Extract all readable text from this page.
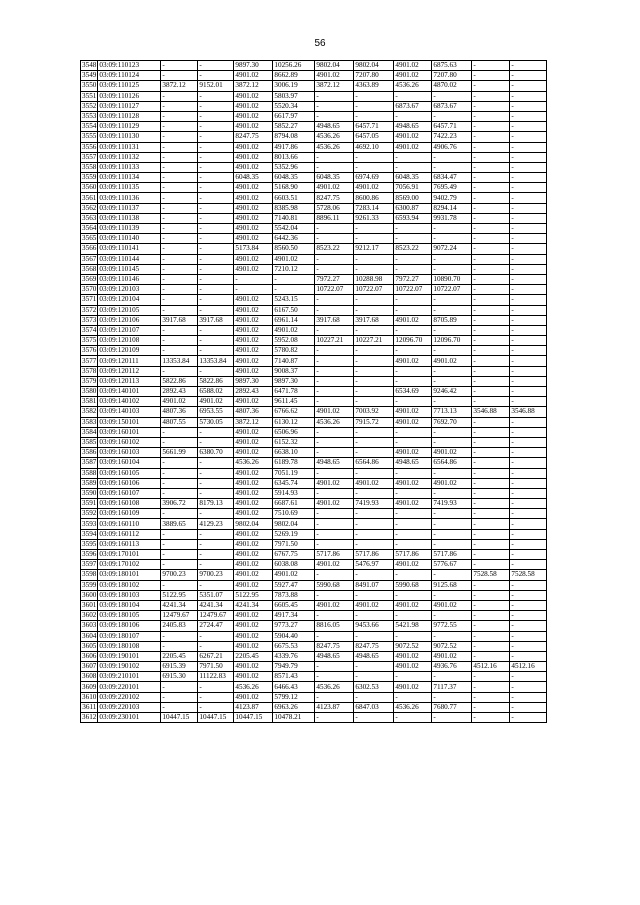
56
3548	03:09:110123	-	-	9897.30	10256.26	9802.04	9802.04	4901.02	6875.63	-	-
3549	03:09:110124	-	-	4901.02	8662.89	4901.02	7207.80	4901.02	7207.80	-	-
3550	03:09:110125	3872.12	9152.01	3872.12	3006.19	3872.12	4363.89	4536.26	4870.02	-	-
3551	03:09:110126	-	-	4901.02	5803.97	-	-	-	-	-	-
3552	03:09:110127	-	-	4901.02	5520.34	-	-	6873.67	6873.67	-	-
3553	03:09:110128	-	-	4901.02	6617.97	-	-	-	-	-	-
3554	03:09:110129	-	-	4901.02	5852.27	4948.65	6457.71	4948.65	6457.71	-	-
3555	03:09:110130	-	-	8247.75	8794.08	4536.26	6457.05	4901.02	7422.23	-	-
3556	03:09:110131	-	-	4901.02	4917.86	4536.26	4692.10	4901.02	4906.76	-	-
3557	03:09:110132	-	-	4901.02	8013.66	-	-	-	-	-	-
3558	03:09:110133	-	-	4901.02	5352.96	-	-	-	-	-	-
3559	03:09:110134	-	-	6048.35	6048.35	6048.35	6974.69	6048.35	6834.47	-	-
3560	03:09:110135	-	-	4901.02	5168.90	4901.02	4901.02	7056.91	7695.49	-	-
3561	03:09:110136	-	-	4901.02	6603.51	8247.75	8600.86	8569.00	9402.79	-	-
3562	03:09:110137	-	-	4901.02	8385.98	5728.06	7283.14	6300.87	8294.14	-	-
3563	03:09:110138	-	-	4901.02	7140.81	8896.11	9261.33	6593.94	9931.78	-	-
3564	03:09:110139	-	-	4901.02	5542.04	-	-	-	-	-	-
3565	03:09:110140	-	-	4901.02	6442.36	-	-	-	-	-	-
3566	03:09:110141	-	-	5173.84	8560.50	8523.22	9212.17	8523.22	9072.24	-	-
3567	03:09:110144	-	-	4901.02	4901.02	-	-	-	-	-	-
3568	03:09:110145	-	-	4901.02	7210.12	-	-	-	-	-	-
3569	03:09:110146	-	-	-	-	7972.27	10288.98	7972.27	10890.70	-	-
3570	03:09:120103	-	-	-	-	10722.07	10722.07	10722.07	10722.07	-	-
3571	03:09:120104	-	-	4901.02	5243.15	-	-	-	-	-	-
3572	03:09:120105	-	-	4901.02	6167.50	-	-	-	-	-	-
3573	03:09:120106	3917.68	3917.68	4901.02	6961.14	3917.68	3917.68	4901.02	8705.89	-	-
3574	03:09:120107	-	-	4901.02	4901.02	-	-	-	-	-	-
3575	03:09:120108	-	-	4901.02	5952.08	10227.21	10227.21	12096.70	12096.70	-	-
3576	03:09:120109	-	-	4901.02	5780.82	-	-	-	-	-	-
3577	03:09:120111	13353.84	13353.84	4901.02	7140.87	-	-	4901.02	4901.02	-	-
3578	03:09:120112	-	-	4901.02	9008.37	-	-	-	-	-	-
3579	03:09:120113	5822.86	5822.86	9897.30	9897.30	-	-	-	-	-	-
3580	03:09:140101	2892.43	6588.02	2892.43	6471.78	-	-	6534.69	9246.42	-	-
3581	03:09:140102	4901.02	4901.02	4901.02	9611.45	-	-	-	-	-	-
3582	03:09:140103	4807.36	6953.55	4807.36	6766.62	4901.02	7003.92	4901.02	7713.13	3546.88	3546.88
3583	03:09:150101	4807.55	5730.05	3872.12	6130.12	4536.26	7915.72	4901.02	7692.70	-	-
3584	03:09:160101	-	-	4901.02	6506.96	-	-	-	-	-	-
3585	03:09:160102	-	-	4901.02	6152.32	-	-	-	-	-	-
3586	03:09:160103	5661.99	6380.70	4901.02	6638.10	-	-	4901.02	4901.02	-	-
3587	03:09:160104	-	-	4536.26	6189.78	4948.65	6564.86	4948.65	6564.86	-	-
3588	03:09:160105	-	-	4901.02	7051.19	-	-	-	-	-	-
3589	03:09:160106	-	-	4901.02	6345.74	4901.02	4901.02	4901.02	4901.02	-	-
3590	03:09:160107	-	-	4901.02	5914.93	-	-	-	-	-	-
3591	03:09:160108	3906.72	8179.13	4901.02	6687.61	4901.02	7419.93	4901.02	7419.93	-	-
3592	03:09:160109	-	-	4901.02	7510.69	-	-	-	-	-	-
3593	03:09:160110	3889.65	4129.23	9802.04	9802.04	-	-	-	-	-	-
3594	03:09:160112	-	-	4901.02	5269.19	-	-	-	-	-	-
3595	03:09:160113	-	-	4901.02	7971.50	-	-	-	-	-	-
3596	03:09:170101	-	-	4901.02	6767.75	5717.86	5717.86	5717.86	5717.86	-	-
3597	03:09:170102	-	-	4901.02	6038.08	4901.02	5476.97	4901.02	5776.67	-	-
3598	03:09:180101	9700.23	9700.23	4901.02	4901.02	-	-	-	-	7528.58	7528.58
3599	03:09:180102	-	-	4901.02	5927.47	5990.68	8491.07	5990.68	9125.68	-	-
3600	03:09:180103	5122.95	5351.07	5122.95	7873.88	-	-	-	-	-	-
3601	03:09:180104	4241.34	4241.34	4241.34	6605.45	4901.02	4901.02	4901.02	4901.02	-	-
3602	03:09:180105	12479.67	12479.67	4901.02	4917.34	-	-	-	-	-	-
3603	03:09:180106	2405.83	2724.47	4901.02	9773.27	8816.05	9453.66	5421.98	9772.55	-	-
3604	03:09:180107	-	-	4901.02	5904.40	-	-	-	-	-	-
3605	03:09:180108	-	-	4901.02	6675.53	8247.75	8247.75	9072.52	9072.52	-	-
3606	03:09:190101	2205.45	6267.21	2205.45	4339.76	4948.65	4948.65	4901.02	4901.02	-	-
3607	03:09:190102	6915.39	7971.50	4901.02	7949.79	-	-	4901.02	4936.76	4512.16	4512.16
3608	03:09:210101	6915.30	11122.83	4901.02	8571.43	-	-	-	-	-	-
3609	03:09:220101	-	-	4536.26	6466.43	4536.26	6302.53	4901.02	7117.37	-	-
3610	03:09:220102	-	-	4901.02	5799.12	-	-	-	-	-	-
3611	03:09:220103	-	-	4123.87	6963.26	4123.87	6847.03	4536.26	7680.77	-	-
3612	03:09:230101	10447.15	10447.15	10447.15	10478.21	-	-	-	-	-	-
